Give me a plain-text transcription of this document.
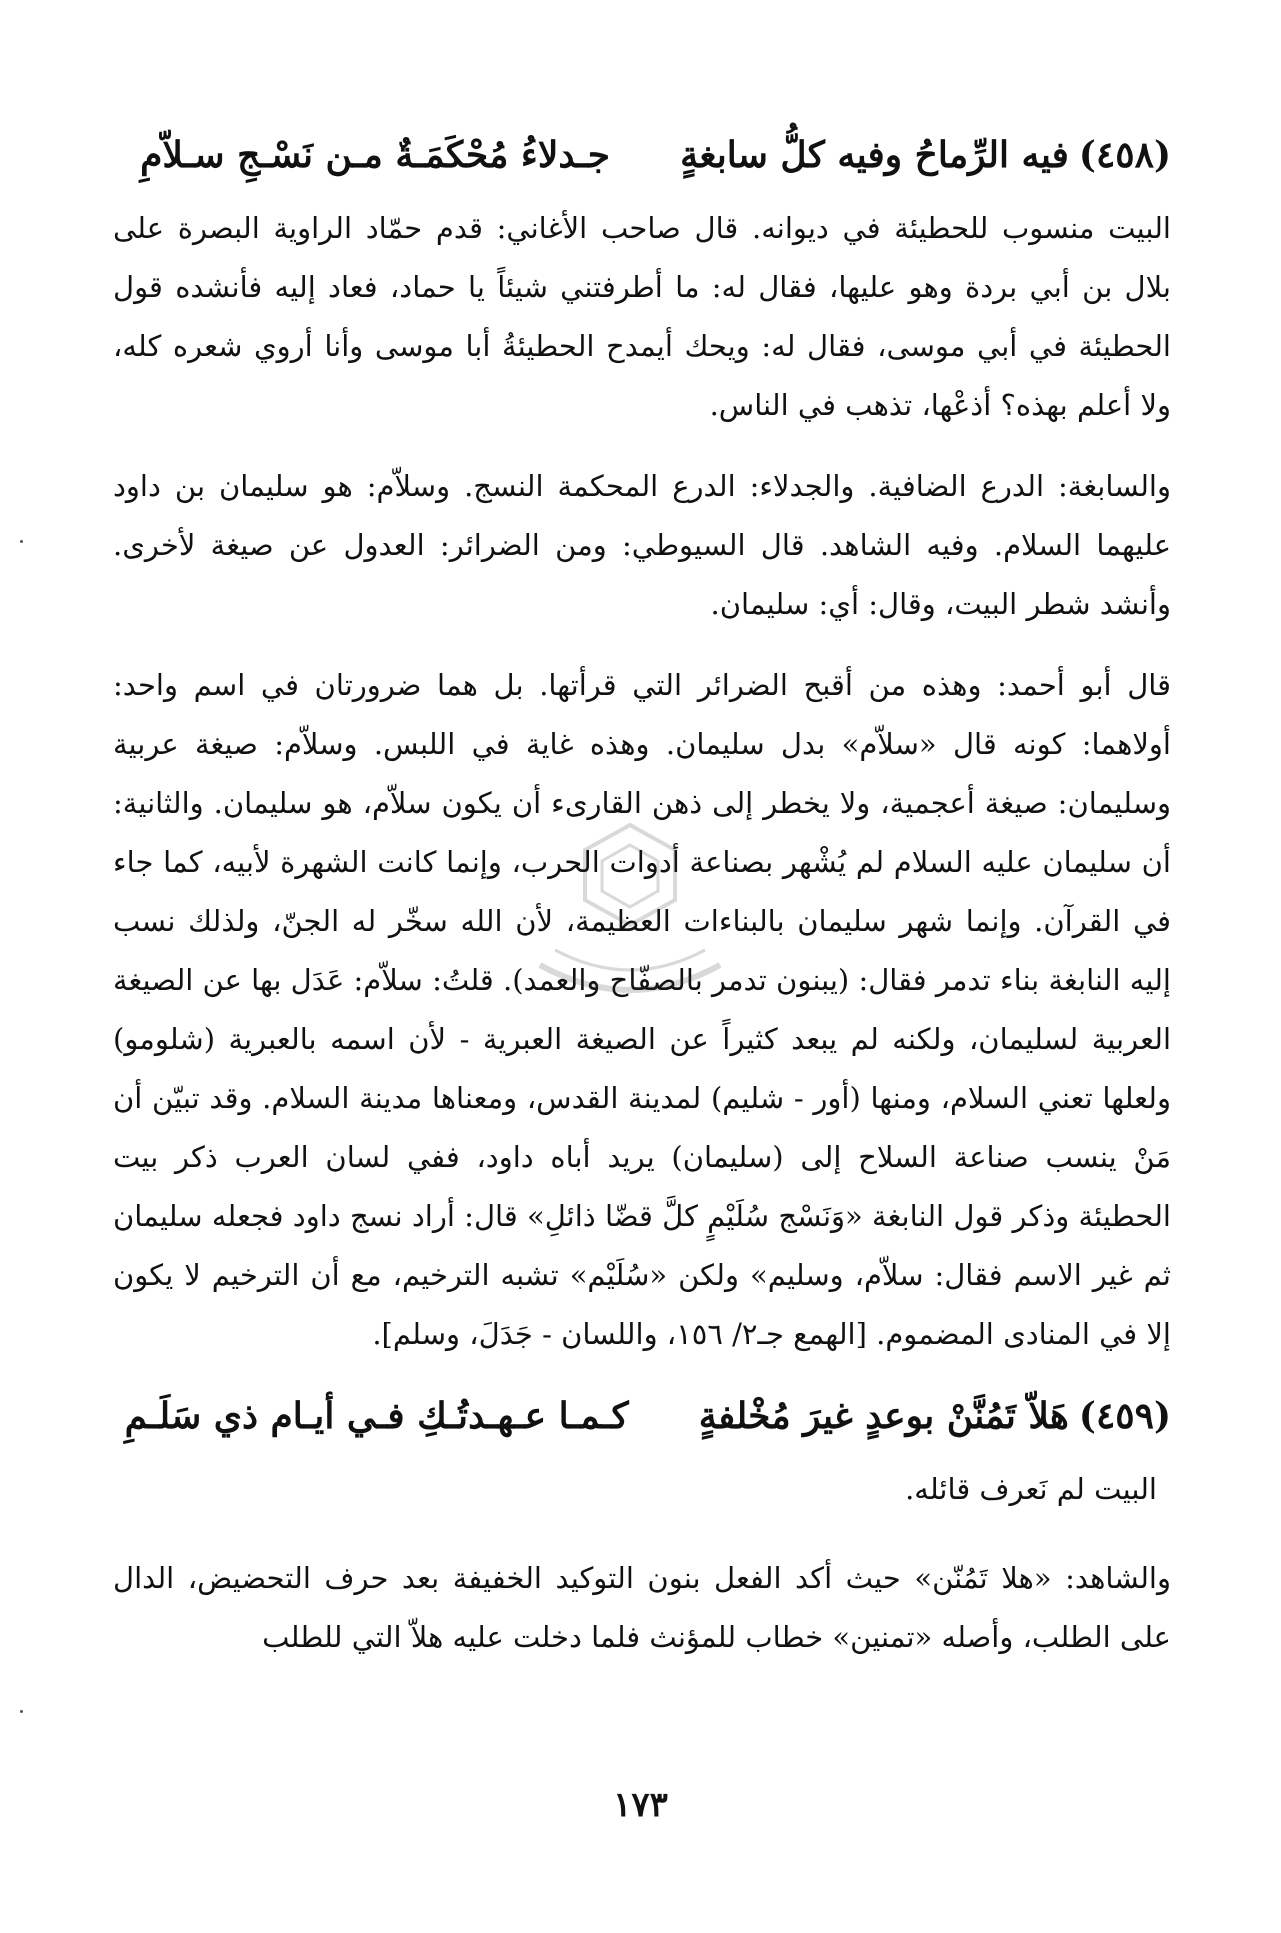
(٤٥٨)
فيه الرِّماحُ وفيه كلُّ سابغةٍ
جـدلاءُ مُحْكَمَـةٌ مـن نَسْـجِ سـلاّمِ

البيت منسوب للحطيئة في ديوانه. قال صاحب الأغاني: قدم حمّاد الراوية البصرة على بلال بن أبي بردة وهو عليها، فقال له: ما أطرفتني شيئاً يا حماد، فعاد إليه فأنشده قول الحطيئة في أبي موسى، فقال له: ويحك أيمدح الحطيئةُ أبا موسى وأنا أروي شعره كله، ولا أعلم بهذه؟ أذعْها، تذهب في الناس.

والسابغة: الدرع الضافية. والجدلاء: الدرع المحكمة النسج. وسلاّم: هو سليمان بن داود عليهما السلام. وفيه الشاهد. قال السيوطي: ومن الضرائر: العدول عن صيغة لأخرى. وأنشد شطر البيت، وقال: أي: سليمان.

قال أبو أحمد: وهذه من أقبح الضرائر التي قرأتها. بل هما ضرورتان في اسم واحد: أولاهما: كونه قال «سلاّم» بدل سليمان. وهذه غاية في اللبس. وسلاّم: صيغة عربية وسليمان: صيغة أعجمية، ولا يخطر إلى ذهن القارىء أن يكون سلاّم، هو سليمان. والثانية: أن سليمان عليه السلام لم يُشْهر بصناعة أدوات الحرب، وإنما كانت الشهرة لأبيه، كما جاء في القرآن. وإنما شهر سليمان بالبناءات العظيمة، لأن الله سخّر له الجنّ، ولذلك نسب إليه النابغة بناء تدمر فقال: (يبنون تدمر بالصفّاح والعمد). قلتُ: سلاّم: عَدَل بها عن الصيغة العربية لسليمان، ولكنه لم يبعد كثيراً عن الصيغة العبرية - لأن اسمه بالعبرية (شلومو) ولعلها تعني السلام، ومنها (أور - شليم) لمدينة القدس، ومعناها مدينة السلام. وقد تبيّن أن مَنْ ينسب صناعة السلاح إلى (سليمان) يريد أباه داود، ففي لسان العرب ذكر بيت الحطيئة وذكر قول النابغة «وَنَسْج سُلَيْمٍ كلَّ قضّا ذائلِ» قال: أراد نسج داود فجعله سليمان ثم غير الاسم فقال: سلاّم، وسليم» ولكن «سُلَيْم» تشبه الترخيم، مع أن الترخيم لا يكون إلا في المنادى المضموم. [الهمع جـ٢/ ١٥٦، واللسان - جَدَلَ، وسلم].

(٤٥٩)
هَلاّ تَمُنَّنْ بوعدٍ غيرَ مُخْلفةٍ
كـمـا عـهـدتُـكِ فـي أيـام ذي سَلَـمِ

البيت لم نَعرف قائله.

والشاهد: «هلا تَمُنّن» حيث أكد الفعل بنون التوكيد الخفيفة بعد حرف التحضيض، الدال على الطلب، وأصله «تمنين» خطاب للمؤنث فلما دخلت عليه هلاّ التي للطلب

١٧٣
